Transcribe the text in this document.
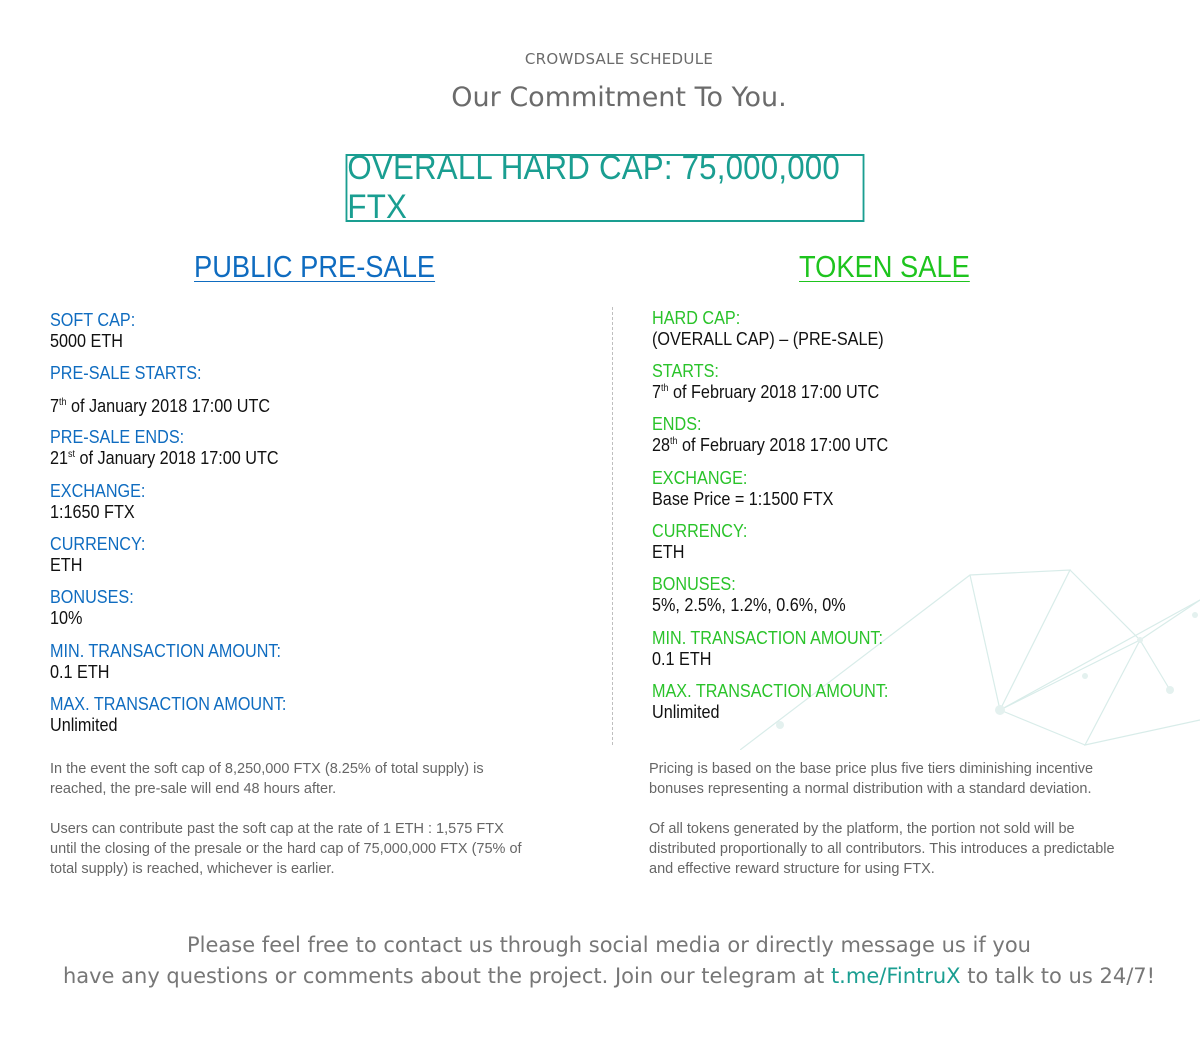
CROWDSALE SCHEDULE
Our Commitment To You.
OVERALL HARD CAP: 75,000,000 FTX
PUBLIC PRE-SALE	TOKEN SALE
SOFT CAP:
5000 ETH
PRE-SALE STARTS:
7th of January 2018 17:00 UTC
PRE-SALE ENDS:
21st of January 2018 17:00 UTC
EXCHANGE:
1:1650 FTX
CURRENCY:
ETH
BONUSES:
10%
MIN. TRANSACTION AMOUNT:
0.1 ETH
MAX. TRANSACTION AMOUNT:
Unlimited
HARD CAP:
(OVERALL CAP) – (PRE-SALE)
STARTS:
7th of February 2018 17:00 UTC
ENDS:
28th of February 2018 17:00 UTC
EXCHANGE:
Base Price = 1:1500 FTX
CURRENCY:
ETH
BONUSES:
5%, 2.5%, 1.2%, 0.6%, 0%
MIN. TRANSACTION AMOUNT:
0.1 ETH
MAX. TRANSACTION AMOUNT:
Unlimited
In the event the soft cap of 8,250,000 FTX (8.25% of total supply) is reached, the pre-sale will end 48 hours after.
Users can contribute past the soft cap at the rate of 1 ETH : 1,575 FTX until the closing of the presale or the hard cap of 75,000,000 FTX (75% of total supply) is reached, whichever is earlier.
Pricing is based on the base price plus five tiers diminishing incentive bonuses representing a normal distribution with a standard deviation.
Of all tokens generated by the platform, the portion not sold will be distributed proportionally to all contributors. This introduces a predictable and effective reward structure for using FTX.
Please feel free to contact us through social media or directly message us if you
have any questions or comments about the project. Join our telegram at t.me/FintruX to talk to us 24/7!
